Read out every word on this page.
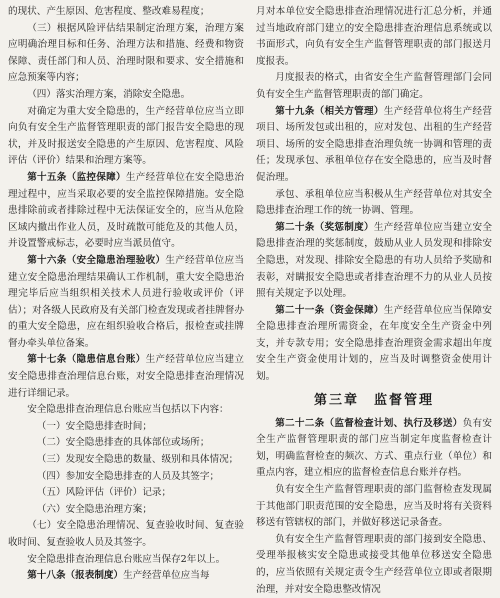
的现状、产生原因、危害程度、整改难易程度；

（三）根据风险评估结果制定治理方案，治理方案应明确治理目标和任务、治理方法和措施、经费和物资保障、责任部门和人员、治理时限和要求、安全措施和应急预案等内容；

（四）落实治理方案，消除安全隐患。

对确定为重大安全隐患的，生产经营单位应当立即向负有安全生产监督管理职责的部门报告安全隐患的现状，并及时报送安全隐患的产生原因、危害程度、风险评估（评价）结果和治理方案等。

第十五条（监控保障）生产经营单位在安全隐患治理过程中，应当采取必要的安全监控保障措施。安全隐患排除前或者排除过程中无法保证安全的，应当从危险区域内撤出作业人员，及时疏散可能危及的其他人员，并设置警戒标志，必要时应当派员值守。

第十六条（安全隐患治理验收）生产经营单位应当建立安全隐患治理结果确认工作机制，重大安全隐患治理完毕后应当组织相关技术人员进行验收或评价（评估）；对各级人民政府及有关部门检查发现或者挂牌督办的重大安全隐患，应在组织验收合格后，报检查或挂牌督办牵头单位备案。

第十七条（隐患信息台账）生产经营单位应当建立安全隐患排查治理信息台账，对安全隐患排查治理情况进行详细记录。

安全隐患排查治理信息台账应当包括以下内容：

（一）安全隐患排查时间；

（二）安全隐患排查的具体部位或场所；

（三）发现安全隐患的数量、级别和具体情况；

（四）参加安全隐患排查的人员及其签字；

（五）风险评估（评价）记录；

（六）安全隐患治理方案；

（七）安全隐患治理情况、复查验收时间、复查验收时间、复查验收人员及其签字。

安全隐患排查治理信息台账应当保存2年以上。

第十八条（报表制度）生产经营单位应当每

月对本单位安全隐患排查治理情况进行汇总分析，并通过当地政府部门建立的安全隐患排查治理信息系统或以书面形式，向负有安全生产监督管理职责的部门报送月度报表。

月度报表的格式，由省安全生产监督管理部门会同负有安全生产监督管理职责的部门确定。

第十九条（相关方管理）生产经营单位将生产经营项目、场所发包或出租的，应对发包、出租的生产经营项目、场所的安全隐患排查治理负统一协调和管理的责任；发现承包、承租单位存在安全隐患的，应当及时督促治理。

承包、承租单位应当积极从生产经营单位对其安全隐患排查治理工作的统一协调、管理。

第二十条（奖惩制度）生产经营单位应当建立安全隐患排查治理的奖惩制度，鼓励从业人员发现和排除安全隐患，对发现、排除安全隐患的有功人员给予奖励和表彰，对瞒报安全隐患或者排查治理不力的从业人员按照有关规定予以处理。

第二十一条（资金保障）生产经营单位应当保障安全隐患排查治理所需资金，在年度安全生产资金中列支，并专款专用；安全隐患排查治理资金需求超出年度安全生产资金使用计划的，应当及时调整资金使用计划。

第三章　监督管理

第二十二条（监督检查计划、执行及移送）负有安全生产监督管理职责的部门应当制定年度监督检查计划，明确监督检查的频次、方式、重点行业（单位）和重点内容，建立相应的监督检查信息台账并存档。

负有安全生产监督管理职责的部门监督检查发现属于其他部门职责范围的安全隐患，应当及时将有关资料移送有管辖权的部门，并做好移送记录备查。

负有安全生产监督管理职责的部门接到安全隐患、受理举报核实安全隐患或接受其他单位移送安全隐患的，应当依照有关规定责令生产经营单位立即或者限期治理，并对安全隐患整改情况
